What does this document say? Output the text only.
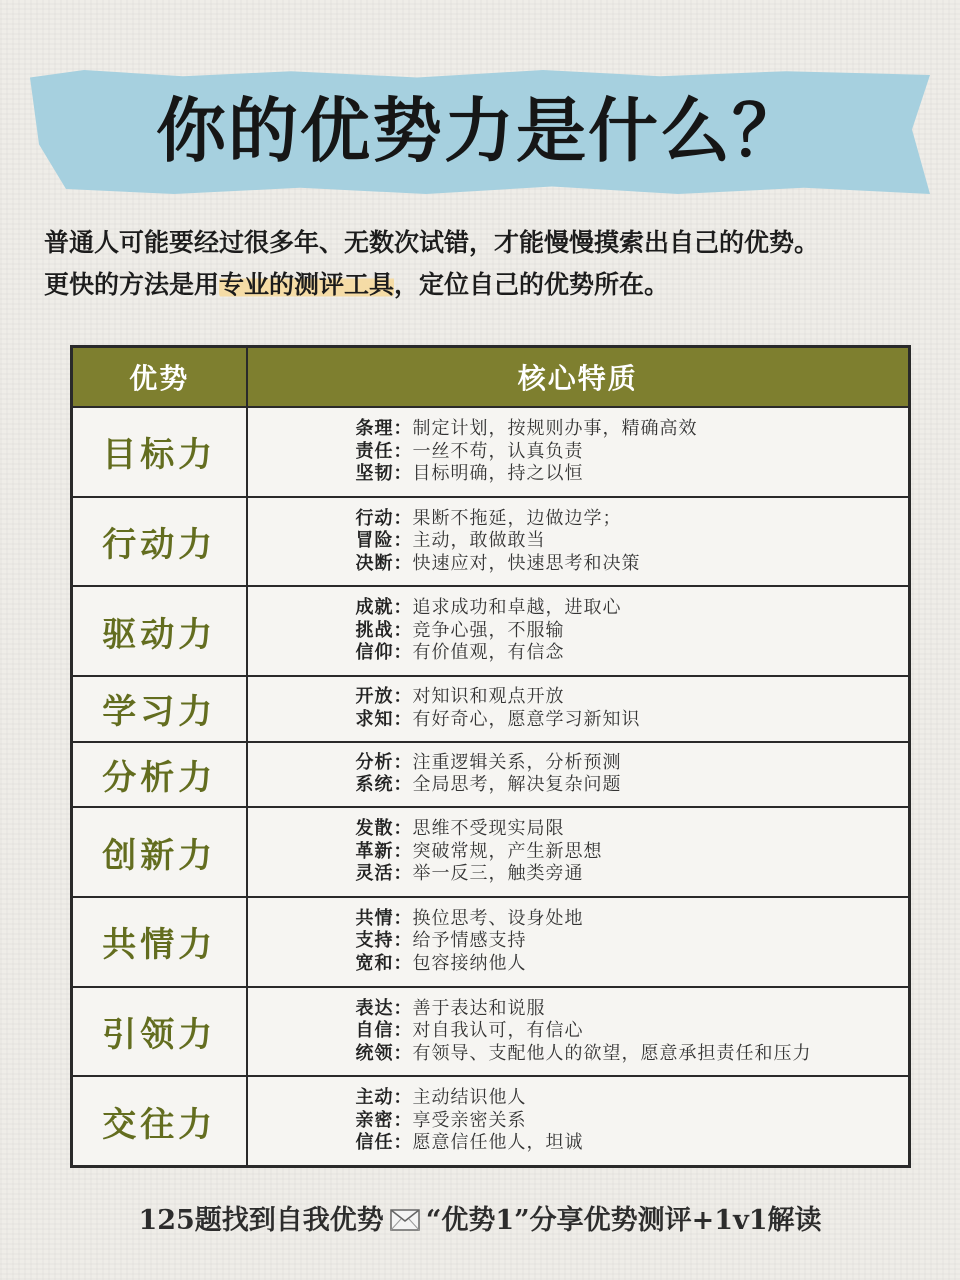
你的优势力是什么？
普通人可能要经过很多年、无数次试错，才能慢慢摸索出自己的优势。
更快的方法是用专业的测评工具，定位自己的优势所在。
优势	核心特质
目标力	条理：制定计划，按规则办事，精确高效
责任：一丝不苟，认真负责
坚韧：目标明确，持之以恒

行动力	行动：果断不拖延，边做边学；
冒险：主动，敢做敢当
决断：快速应对，快速思考和决策

驱动力	成就：追求成功和卓越，进取心
挑战：竞争心强，不服输
信仰：有价值观，有信念

学习力	开放：对知识和观点开放
求知：有好奇心，愿意学习新知识

分析力	分析：注重逻辑关系，分析预测
系统：全局思考，解决复杂问题

创新力	发散：思维不受现实局限
革新：突破常规，产生新思想
灵活：举一反三，触类旁通

共情力	共情：换位思考、设身处地
支持：给予情感支持
宽和：包容接纳他人

引领力	表达：善于表达和说服
自信：对自我认可，有信心
统领：有领导、支配他人的欲望，愿意承担责任和压力

交往力	主动：主动结识他人
亲密：享受亲密关系
信任：愿意信任他人，坦诚
125题找到自我优势 “优势1”分享优势测评+1v1解读
